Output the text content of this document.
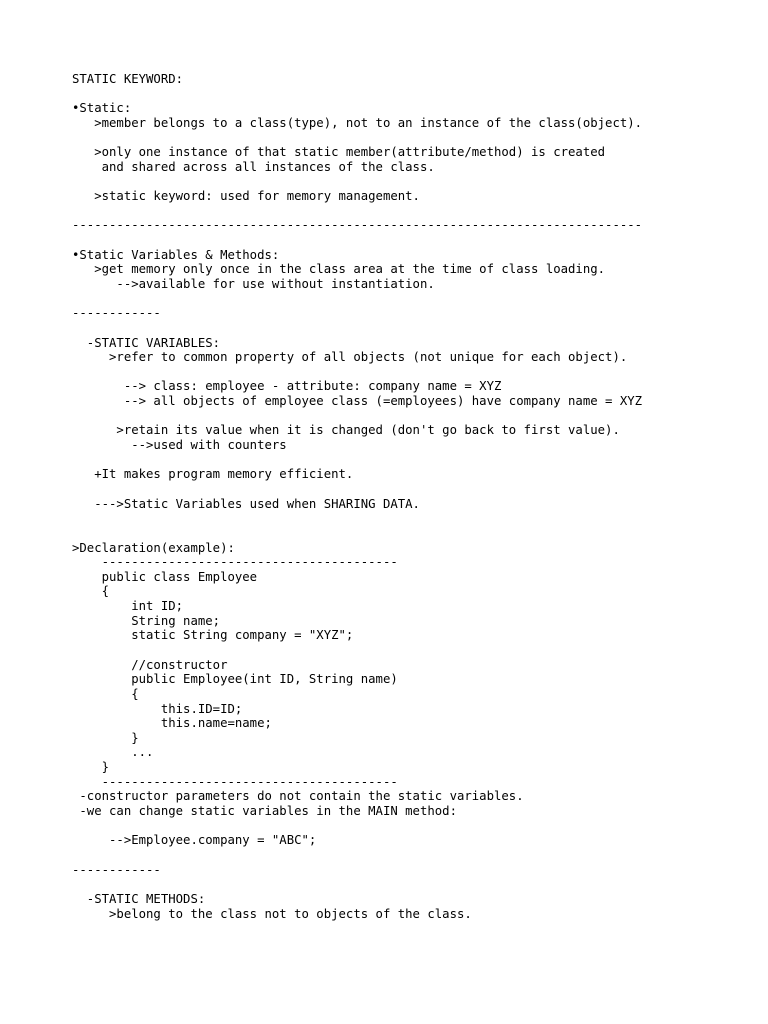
STATIC KEYWORD:
•Static:
>member belongs to a class(type), not to an instance of the class(object).
>only one instance of that static member(attribute/method) is created
and shared across all instances of the class.
>static keyword: used for memory management.
-----------------------------------------------------------------------------
•Static Variables & Methods:
>get memory only once in the class area at the time of class loading.
-->available for use without instantiation.
------------
-STATIC VARIABLES:
>refer to common property of all objects (not unique for each object).
--> class: employee - attribute: company name = XYZ
--> all objects of employee class (=employees) have company name = XYZ
>retain its value when it is changed (don't go back to first value).
-->used with counters
+It makes program memory efficient.
--->Static Variables used when SHARING DATA.
>Declaration(example):
----------------------------------------
public class Employee
{
int ID;
String name;
static String company = "XYZ";
//constructor
public Employee(int ID, String name)
{
this.ID=ID;
this.name=name;
}
...
}
----------------------------------------
-constructor parameters do not contain the static variables.
-we can change static variables in the MAIN method:
-->Employee.company = "ABC";
------------
-STATIC METHODS:
>belong to the class not to objects of the class.
